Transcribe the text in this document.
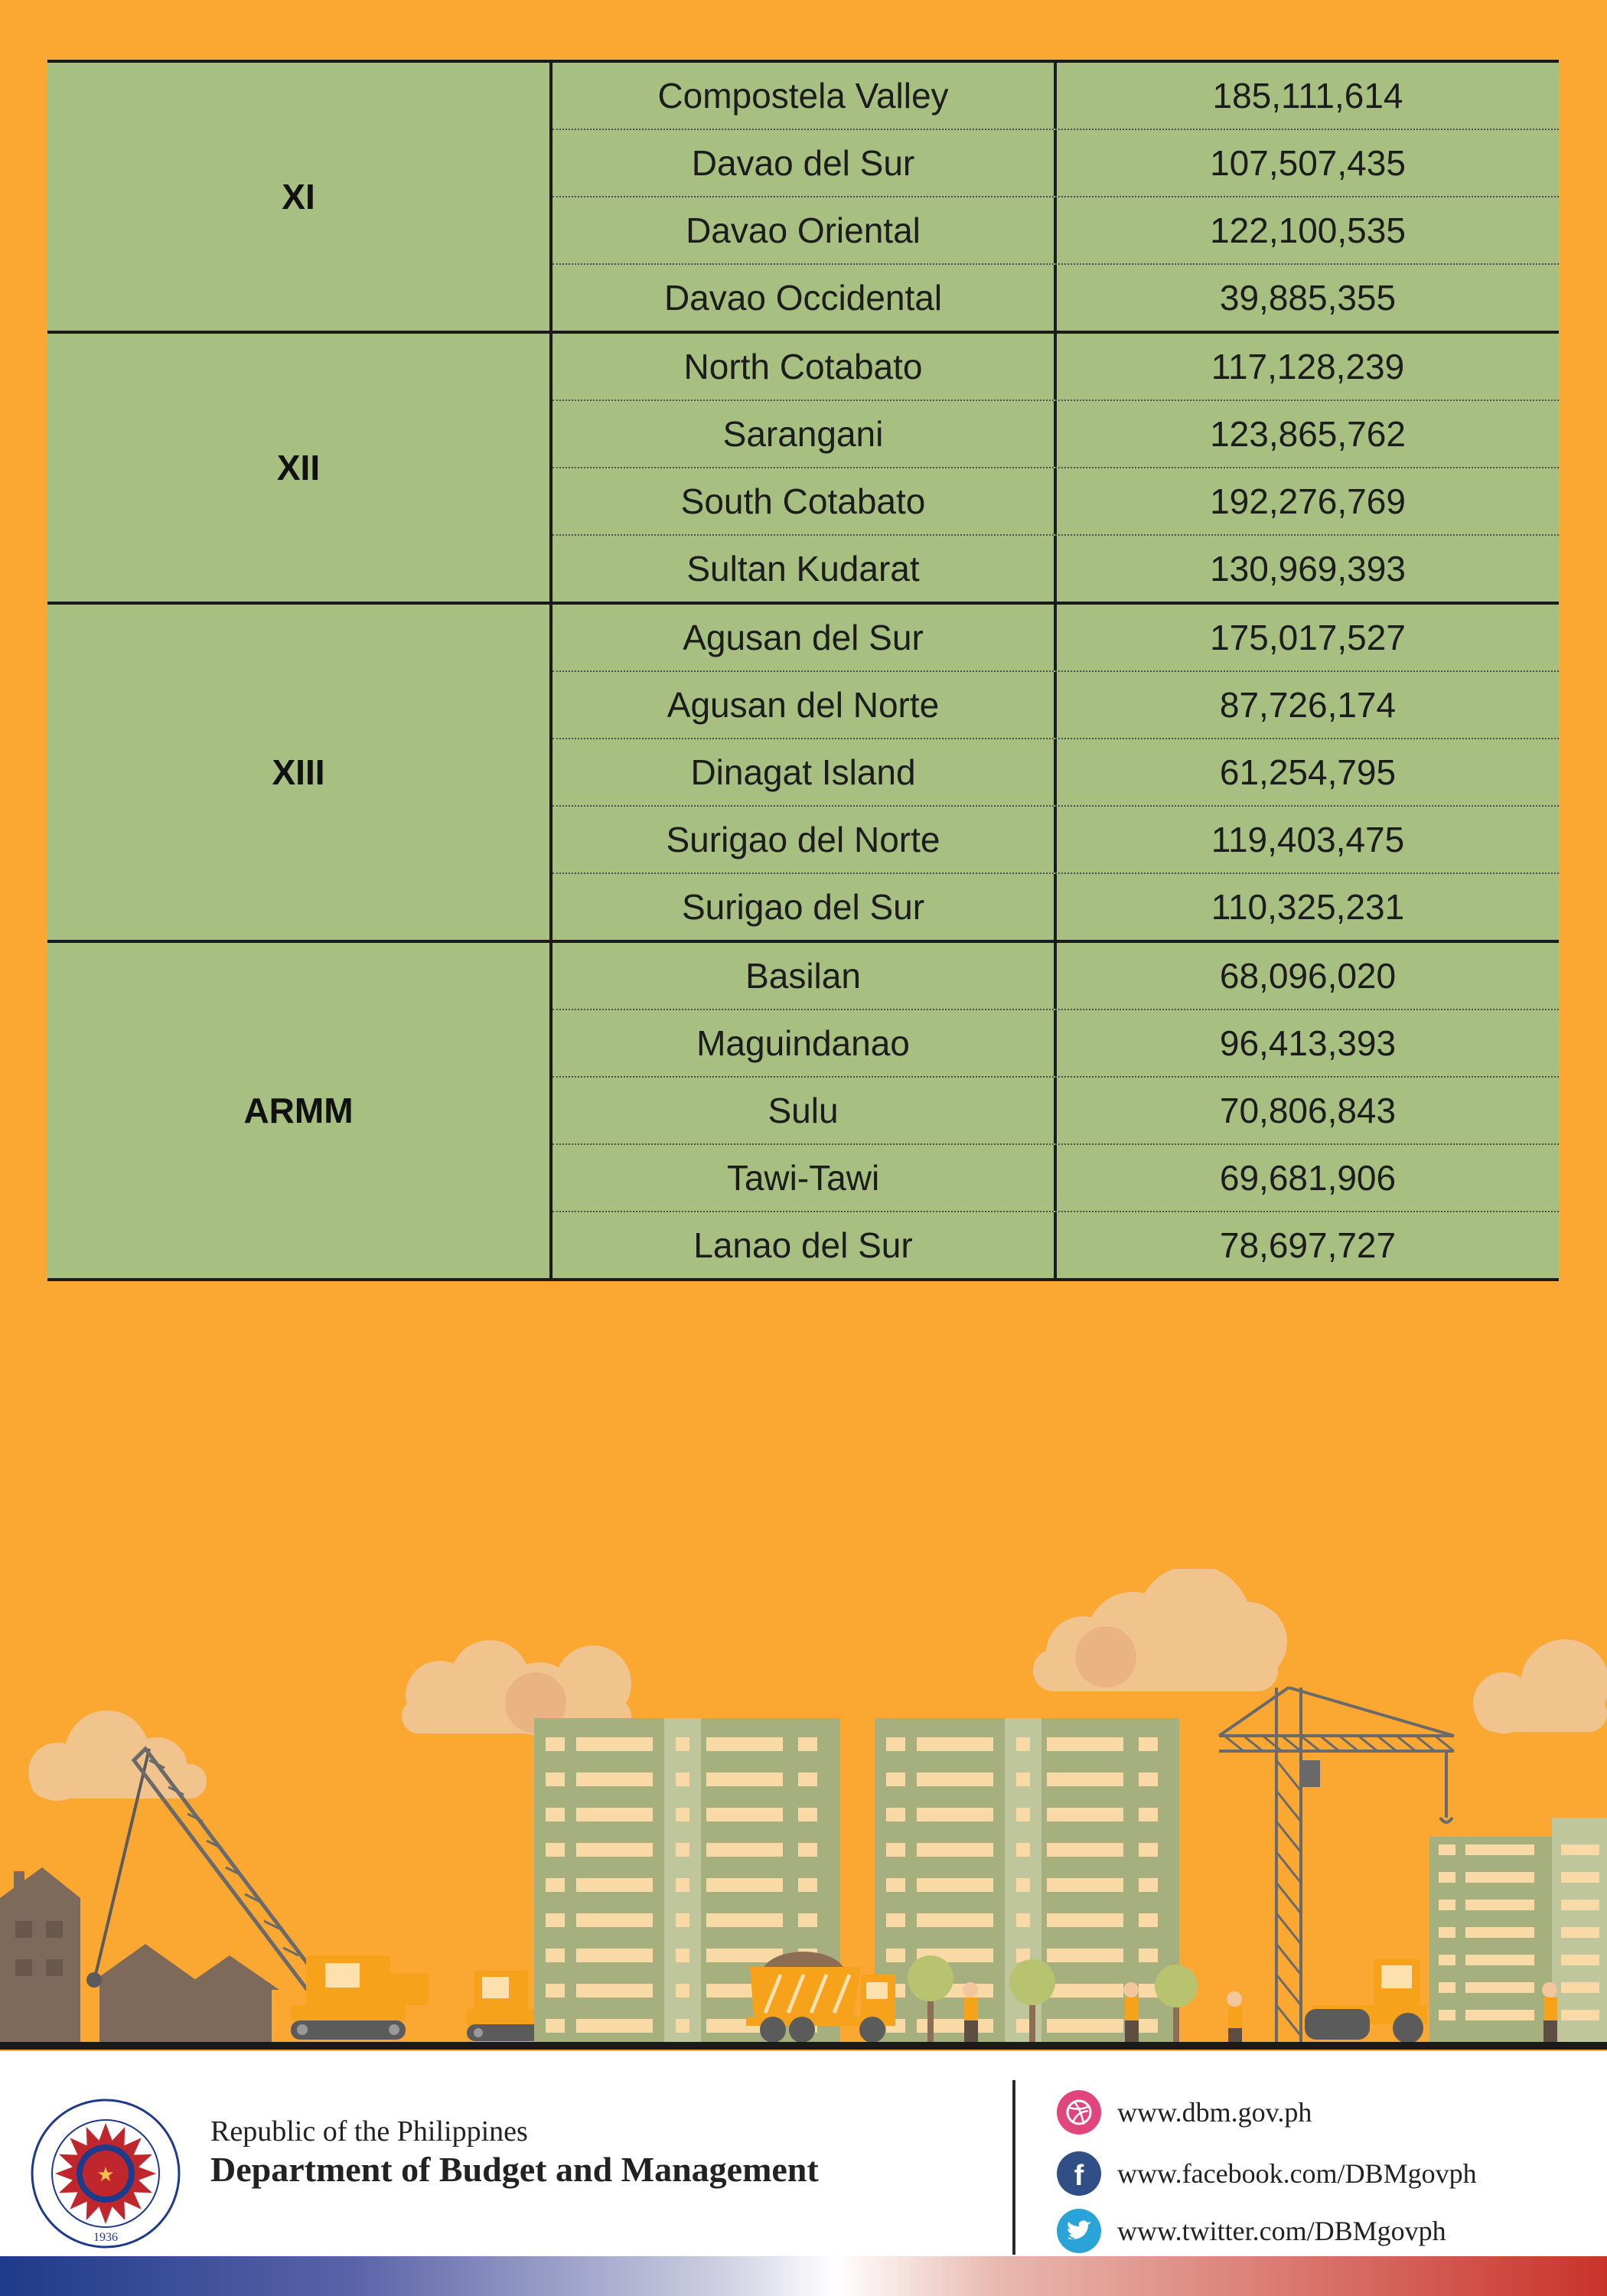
XI
Compostela Valley	185,111,614
Davao del Sur	107,507,435
Davao Oriental	122,100,535
Davao Occidental	39,885,355
XII
North Cotabato	117,128,239
Sarangani	123,865,762
South Cotabato	192,276,769
Sultan Kudarat	130,969,393
XIII
Agusan del Sur	175,017,527
Agusan del Norte	87,726,174
Dinagat Island	61,254,795
Surigao del Norte	119,403,475
Surigao del Sur	110,325,231
ARMM
Basilan	68,096,020
Maguindanao	96,413,393
Sulu	70,806,843
Tawi-Tawi	69,681,906
Lanao del Sur	78,697,727
★
1936
Republic of the Philippines
Department of Budget and Management
www.dbm.gov.ph
f www.facebook.com/DBMgovph
www.twitter.com/DBMgovph
